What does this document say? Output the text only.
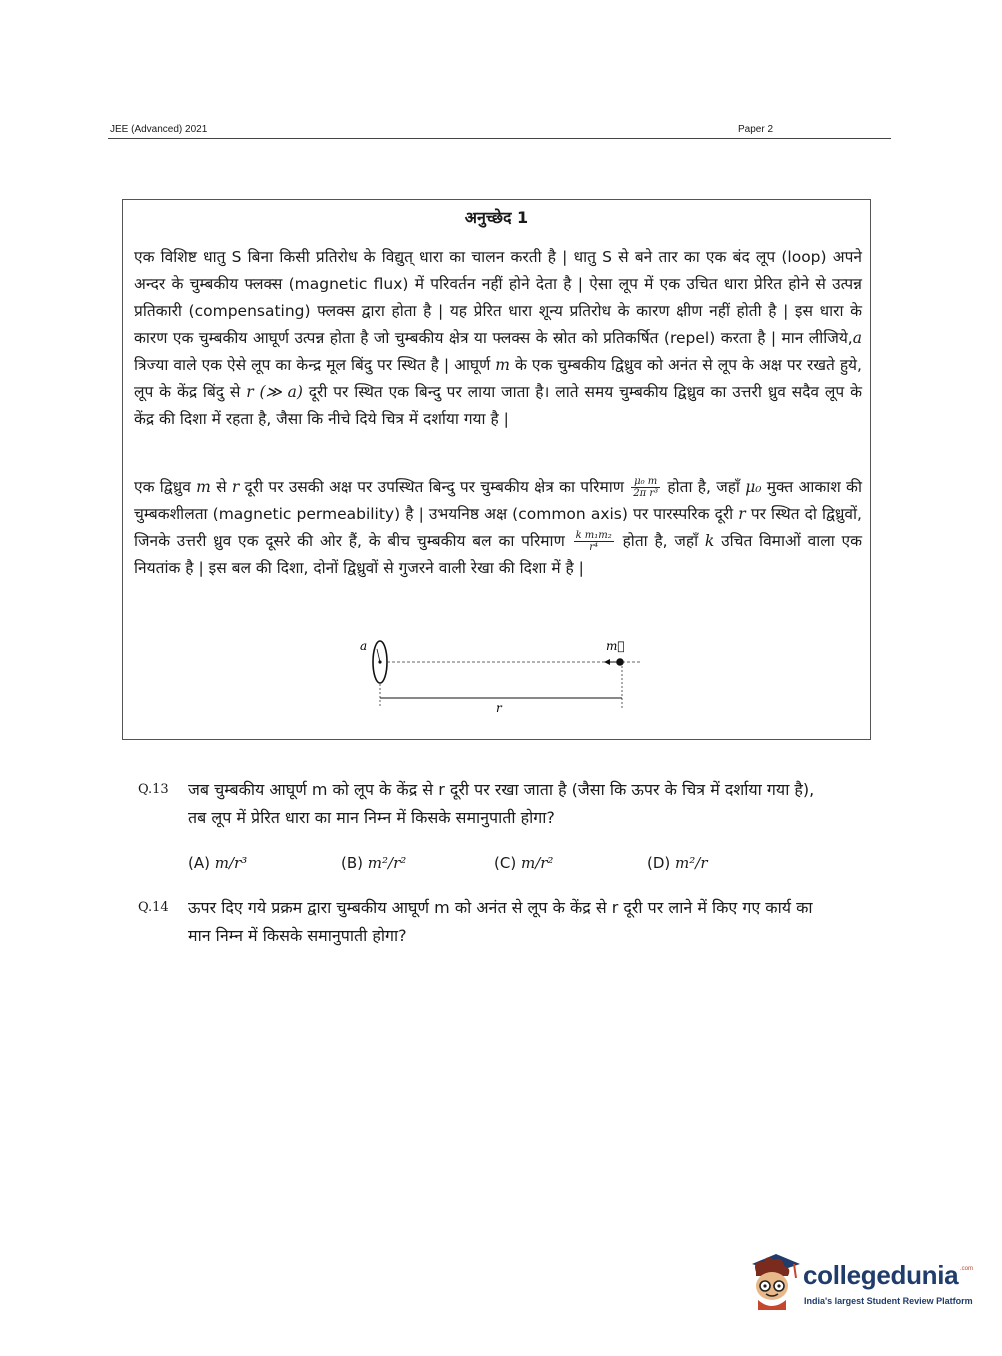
JEE (Advanced) 2021	Paper 2
अनुच्छेद 1
एक विशिष्ट धातु S बिना किसी प्रतिरोध के विद्युत् धारा का चालन करती है | धातु S से बने तार का एक बंद लूप (loop) अपने अन्दर के चुम्बकीय फ्लक्स (magnetic flux) में परिवर्तन नहीं होने देता है | ऐसा लूप में एक उचित धारा प्रेरित होने से उत्पन्न प्रतिकारी (compensating) फ्लक्स द्वारा होता है | यह प्रेरित धारा शून्य प्रतिरोध के कारण क्षीण नहीं होती है | इस धारा के कारण एक चुम्बकीय आघूर्ण उत्पन्न होता है जो चुम्बकीय क्षेत्र या फ्लक्स के स्रोत को प्रतिकर्षित (repel) करता है | मान लीजिये,a त्रिज्या वाले एक ऐसे लूप का केन्द्र मूल बिंदु पर स्थित है | आघूर्ण m के एक चुम्बकीय द्विध्रुव को अनंत से लूप के अक्ष पर रखते हुये, लूप के केंद्र बिंदु से r (≫ a) दूरी पर स्थित एक बिन्दु पर लाया जाता है। लाते समय चुम्बकीय द्विध्रुव का उत्तरी ध्रुव सदैव लूप के केंद्र की दिशा में रहता है, जैसा कि नीचे दिये चित्र में दर्शाया गया है |
एक द्विध्रुव m से r दूरी पर उसकी अक्ष पर उपस्थित बिन्दु पर चुम्बकीय क्षेत्र का परिमाण $\frac{\text{μ₀ m}}{\text{2π r³}}$ होता है, जहाँ μ₀ मुक्त आकाश की चुम्बकशीलता (magnetic permeability) है | उभयनिष्ठ अक्ष (common axis) पर पारस्परिक दूरी r पर स्थित दो द्विध्रुवों, जिनके उत्तरी ध्रुव एक दूसरे की ओर हैं, के बीच चुम्बकीय बल का परिमाण $\frac{\text{k m₁m₂}}{\text{r⁴}}$ होता है, जहाँ k उचित विमाओं वाला एक नियतांक है | इस बल की दिशा, दोनों द्विध्रुवों से गुजरने वाली रेखा की दिशा में है |
a	m⃗
r
Q.13 जब चुम्बकीय आघूर्ण m को लूप के केंद्र से r दूरी पर रखा जाता है (जैसा कि ऊपर के चित्र में दर्शाया गया है), तब लूप में प्रेरित धारा का मान निम्न में किसके समानुपाती होगा?
(A) m/r³	(B) m²/r²	(C) m/r²	(D) m²/r
Q.14 ऊपर दिए गये प्रक्रम द्वारा चुम्बकीय आघूर्ण m को अनंत से लूप के केंद्र से r दूरी पर लाने में किए गए कार्य का मान निम्न में किसके समानुपाती होगा?
collegedunia .com
India's largest Student Review Platform
